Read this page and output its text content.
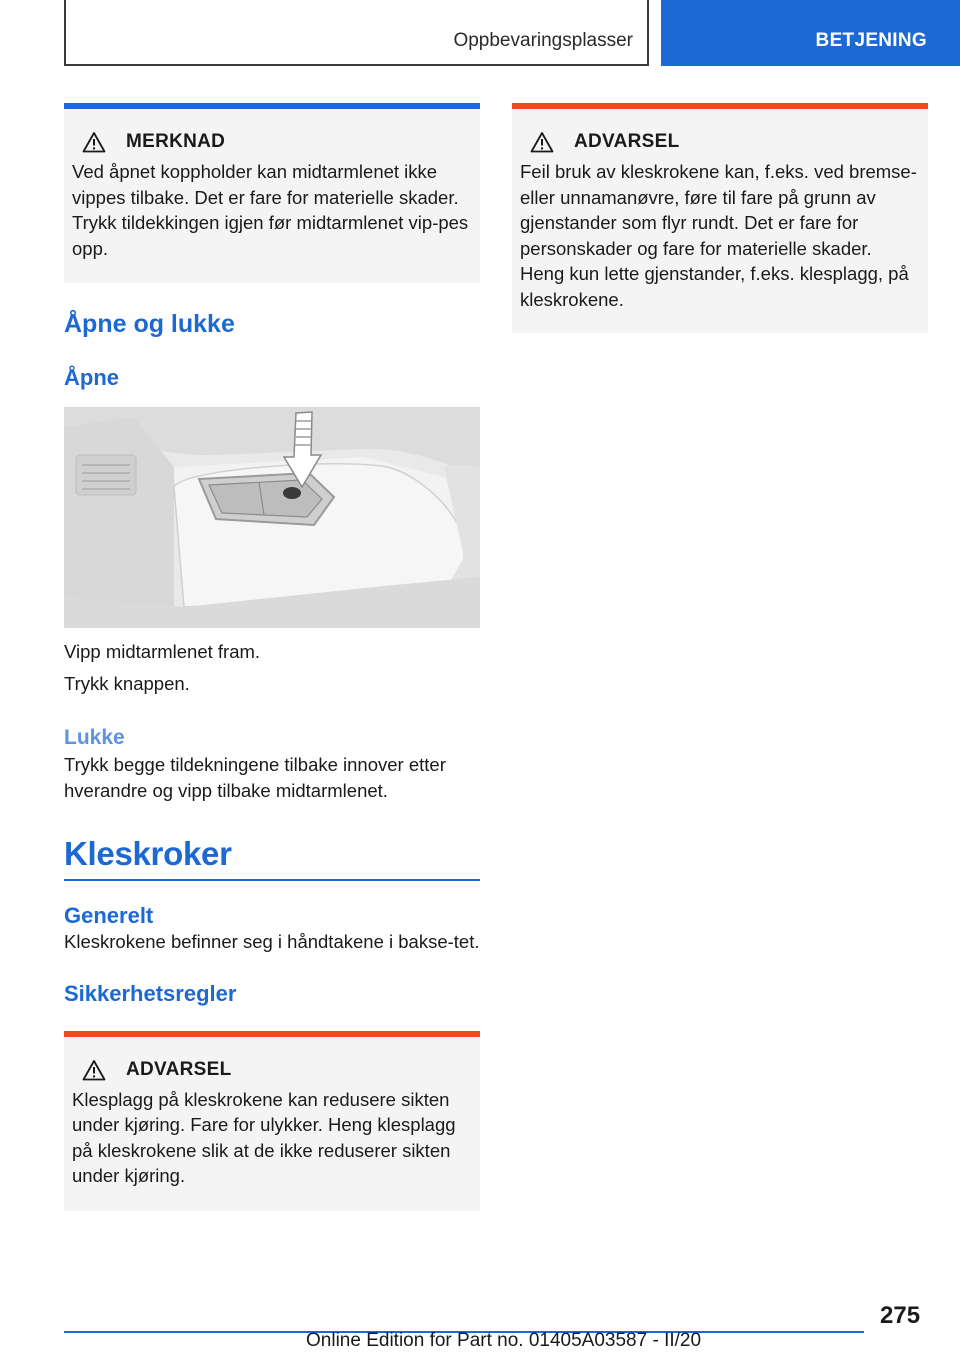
Oppbevaringsplasser	BETJENING
MERKNAD

Ved åpnet koppholder kan midtarmlenet ikke vippes tilbake. Det er fare for materielle skader. Trykk tildekkingen igjen før midtarmlenet vip-pes opp.

Åpne og lukke
Åpne

Vipp midtarmlenet fram.

Trykk knappen.

Lukke

Trykk begge tildekningene tilbake innover etter hverandre og vipp tilbake midtarmlenet.

Kleskroker
Generelt

Kleskrokene befinner seg i håndtakene i bakse-tet.

Sikkerhetsregler
ADVARSEL

Klesplagg på kleskrokene kan redusere sikten under kjøring. Fare for ulykker. Heng klesplagg på kleskrokene slik at de ikke reduserer sikten under kjøring.

ADVARSEL

Feil bruk av kleskrokene kan, f.eks. ved bremse- eller unnamanøvre, føre til fare på grunn av gjenstander som flyr rundt. Det er fare for personskader og fare for materielle skader. Heng kun lette gjenstander, f.eks. klesplagg, på kleskrokene.

275
Online Edition for Part no. 01405A03587 - II/20
